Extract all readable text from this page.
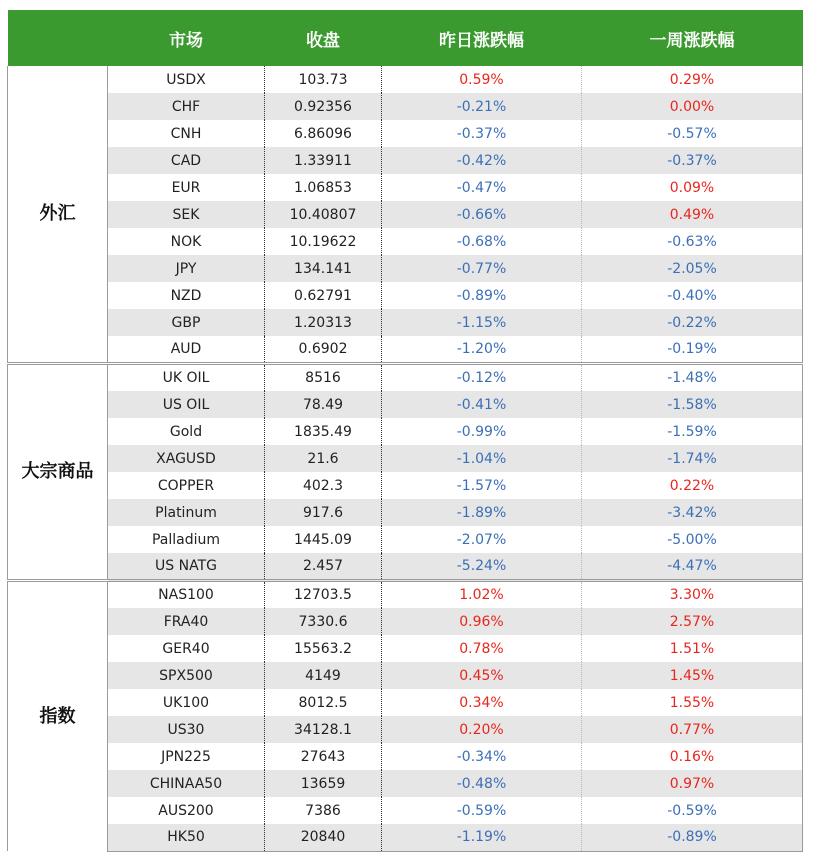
	市场	收盘	昨日涨跌幅	一周涨跌幅
外汇	USDX	103.73	0.59%	0.29%
	CHF	0.92356	-0.21%	0.00%
	CNH	6.86096	-0.37%	-0.57%
	CAD	1.33911	-0.42%	-0.37%
	EUR	1.06853	-0.47%	0.09%
	SEK	10.40807	-0.66%	0.49%
	NOK	10.19622	-0.68%	-0.63%
	JPY	134.141	-0.77%	-2.05%
	NZD	0.62791	-0.89%	-0.40%
	GBP	1.20313	-1.15%	-0.22%
	AUD	0.6902	-1.20%	-0.19%
大宗商品	UK OIL	8516	-0.12%	-1.48%
	US OIL	78.49	-0.41%	-1.58%
	Gold	1835.49	-0.99%	-1.59%
	XAGUSD	21.6	-1.04%	-1.74%
	COPPER	402.3	-1.57%	0.22%
	Platinum	917.6	-1.89%	-3.42%
	Palladium	1445.09	-2.07%	-5.00%
	US NATG	2.457	-5.24%	-4.47%
指数	NAS100	12703.5	1.02%	3.30%
	FRA40	7330.6	0.96%	2.57%
	GER40	15563.2	0.78%	1.51%
	SPX500	4149	0.45%	1.45%
	UK100	8012.5	0.34%	1.55%
	US30	34128.1	0.20%	0.77%
	JPN225	27643	-0.34%	0.16%
	CHINAA50	13659	-0.48%	0.97%
	AUS200	7386	-0.59%	-0.59%
	HK50	20840	-1.19%	-0.89%
